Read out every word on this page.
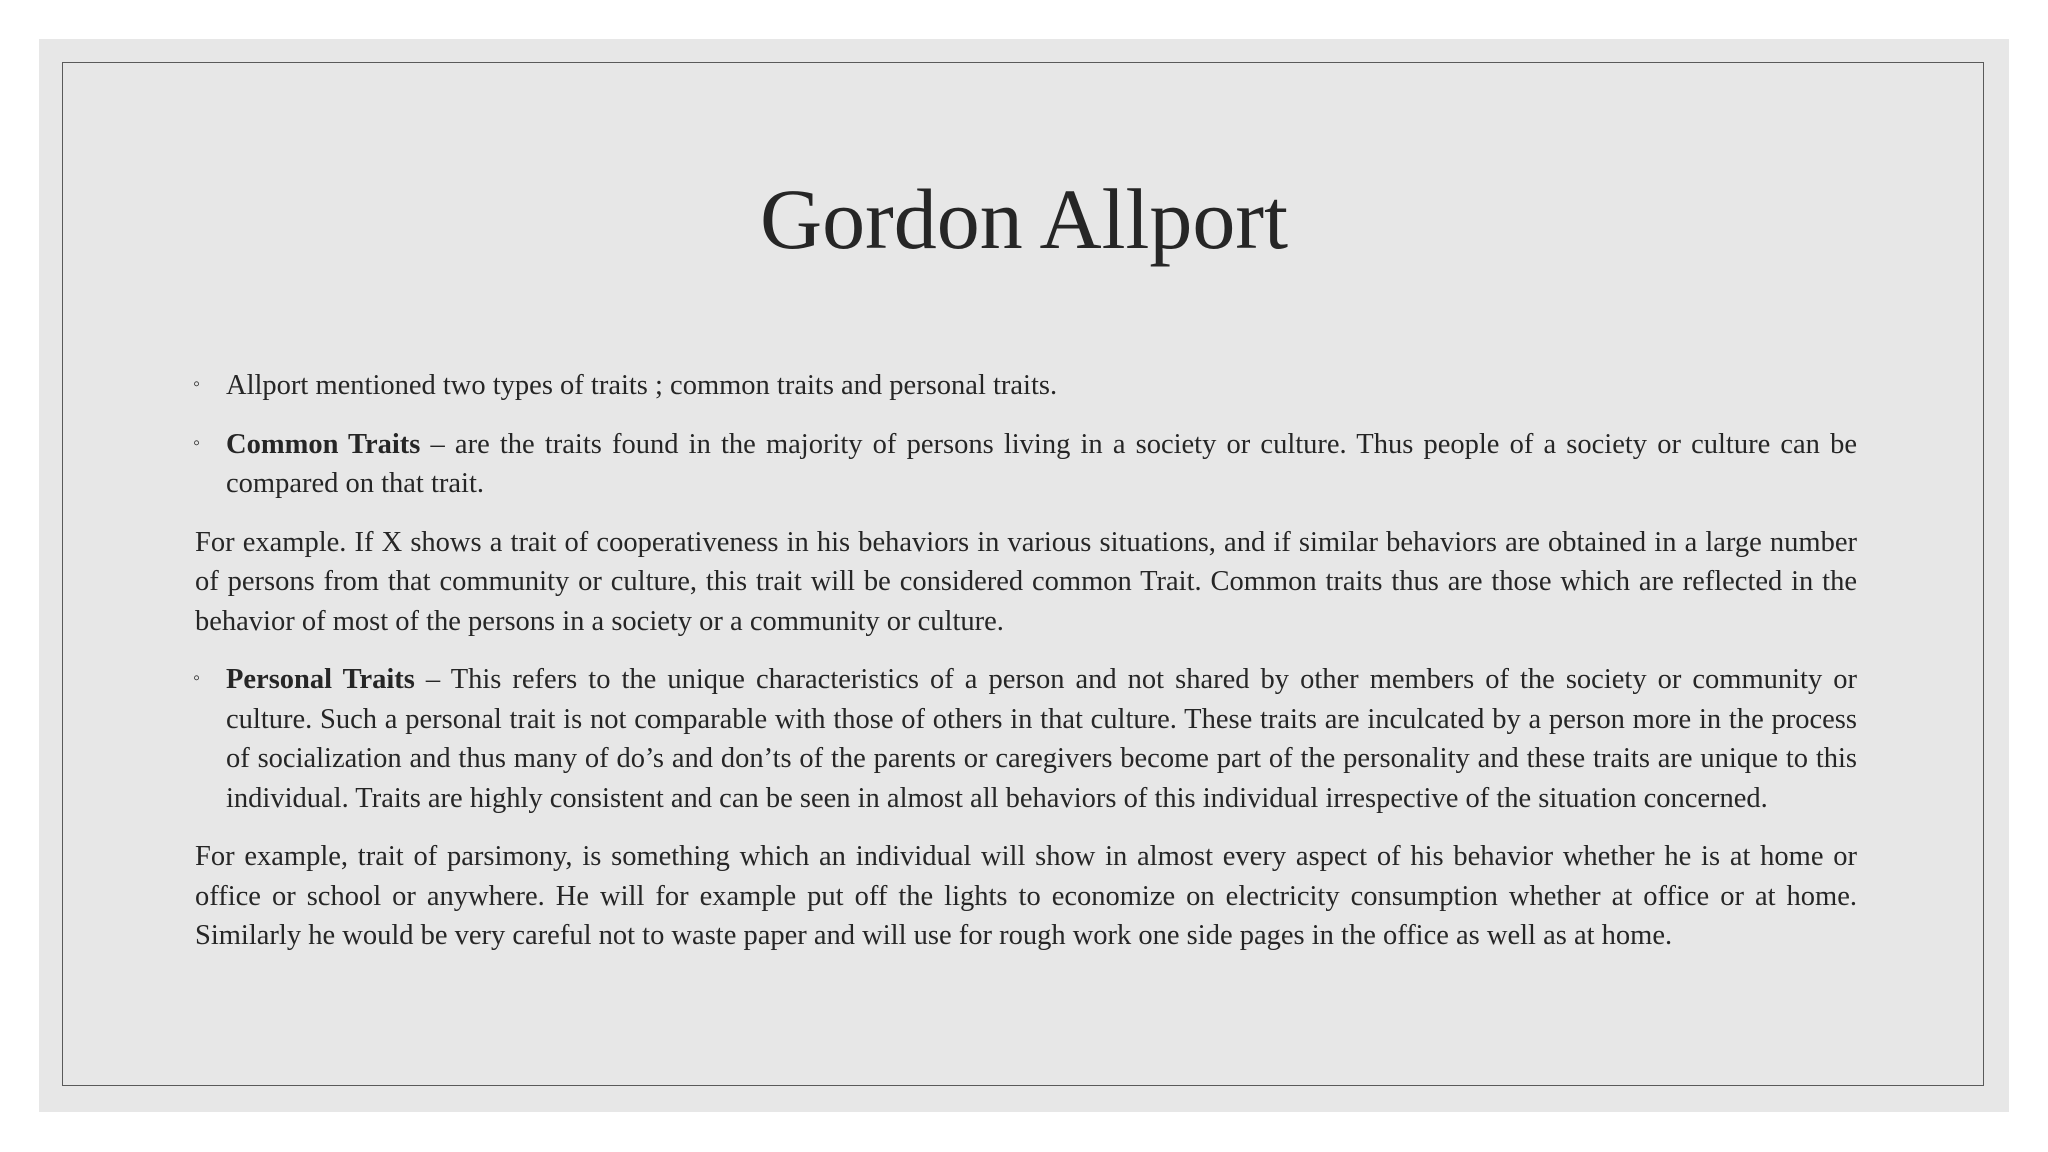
Gordon Allport

◦ Allport mentioned two types of traits ; common traits and personal traits.

◦ Common Traits – are the traits found in the majority of persons living in a society or culture. Thus people of a society or culture can be compared on that trait.

For example. If X shows a trait of cooperativeness in his behaviors in various situations, and if similar behaviors are obtained in a large number of persons from that community or culture, this trait will be considered common Trait. Common traits thus are those which are reflected in the behavior of most of the persons in a society or a community or culture.

◦ Personal Traits – This refers to the unique characteristics of a person and not shared by other members of the society or community or culture. Such a personal trait is not comparable with those of others in that culture. These traits are inculcated by a person more in the process of socialization and thus many of do’s and don’ts of the parents or caregivers become part of the personality and these traits are unique to this individual. Traits are highly consistent and can be seen in almost all behaviors of this individual irrespective of the situation concerned.

For example, trait of parsimony, is something which an individual will show in almost every aspect of his behavior whether he is at home or office or school or anywhere. He will for example put off the lights to economize on electricity consumption whether at office or at home. Similarly he would be very careful not to waste paper and will use for rough work one side pages in the office as well as at home.
